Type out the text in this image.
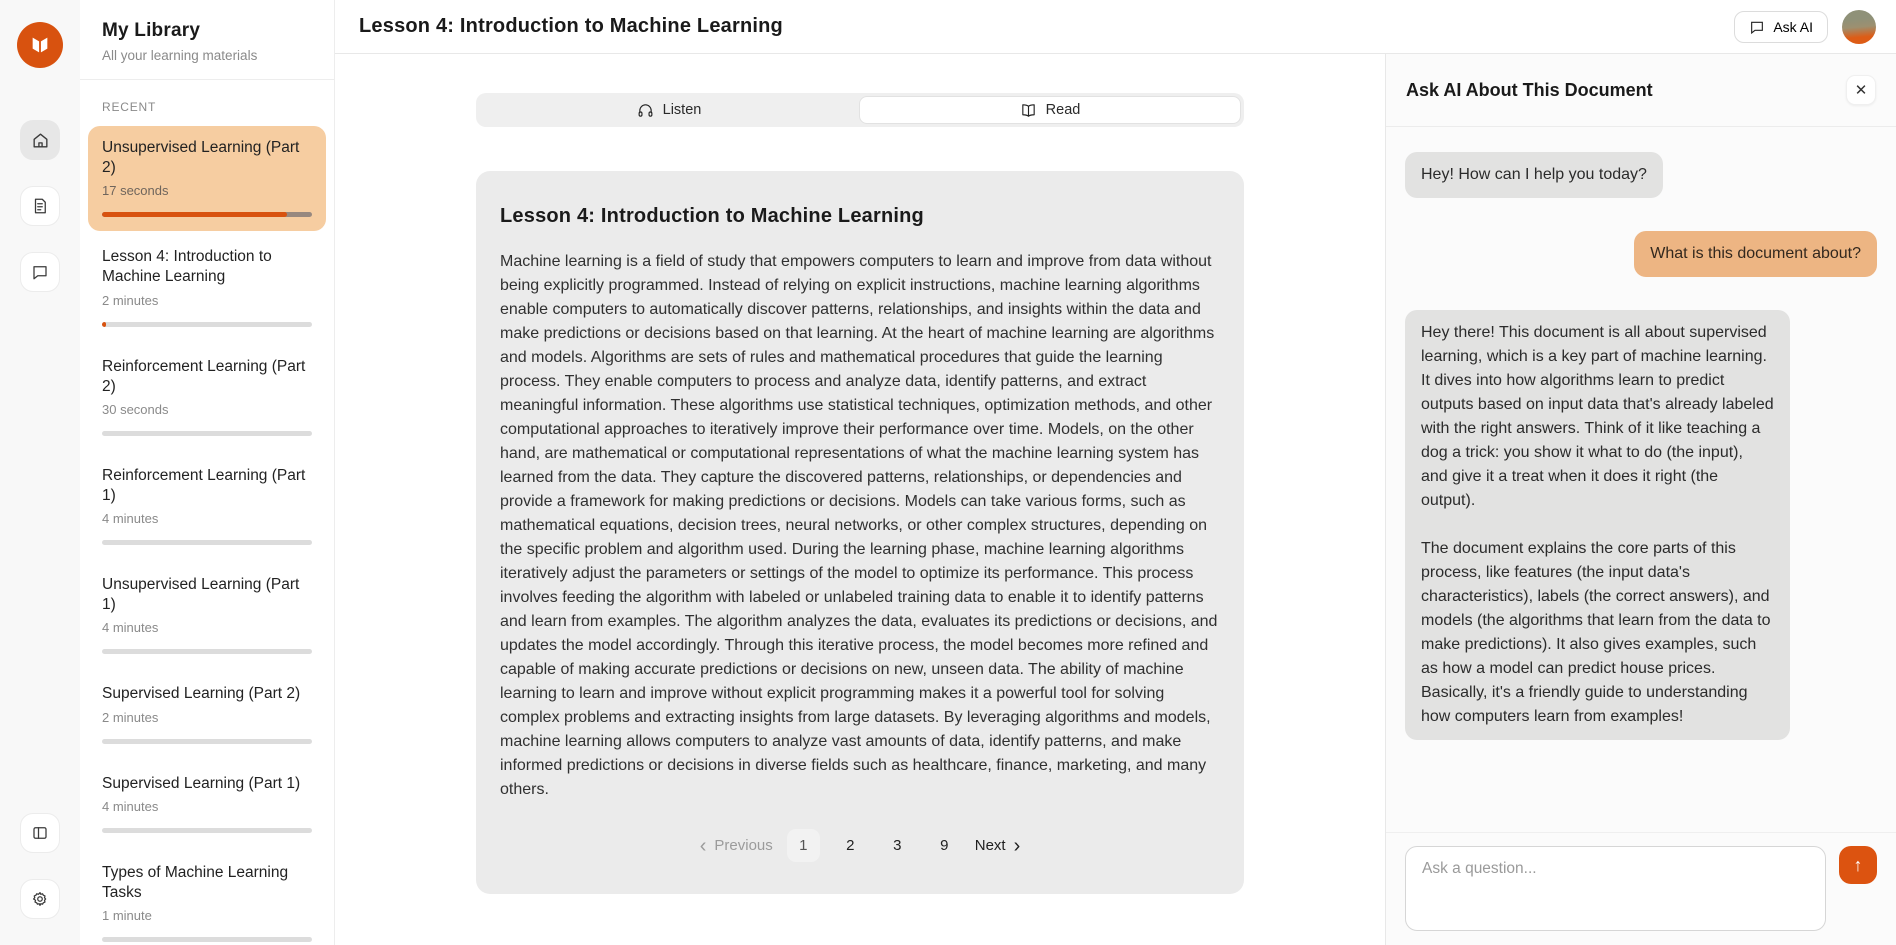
My Library
All your learning materials
RECENT
Unsupervised Learning (Part 2)
17 seconds
Lesson 4: Introduction to Machine Learning
2 minutes
Reinforcement Learning (Part 2)
30 seconds
Reinforcement Learning (Part 1)
4 minutes
Unsupervised Learning (Part 1)
4 minutes
Supervised Learning (Part 2)
2 minutes
Supervised Learning (Part 1)
4 minutes
Types of Machine Learning Tasks
1 minute
Lesson 4: Introduction to Machine Learning	Ask AI
Listen	Read
Lesson 4: Introduction to Machine Learning
Machine learning is a field of study that empowers computers to learn and improve from data without being explicitly programmed. Instead of relying on explicit instructions, machine learning algorithms enable computers to automatically discover patterns, relationships, and insights within the data and make predictions or decisions based on that learning. At the heart of machine learning are algorithms and models. Algorithms are sets of rules and mathematical procedures that guide the learning process. They enable computers to process and analyze data, identify patterns, and extract meaningful information. These algorithms use statistical techniques, optimization methods, and other computational approaches to iteratively improve their performance over time. Models, on the other hand, are mathematical or computational representations of what the machine learning system has learned from the data. They capture the discovered patterns, relationships, or dependencies and provide a framework for making predictions or decisions. Models can take various forms, such as mathematical equations, decision trees, neural networks, or other complex structures, depending on the specific problem and algorithm used. During the learning phase, machine learning algorithms iteratively adjust the parameters or settings of the model to optimize its performance. This process involves feeding the algorithm with labeled or unlabeled training data to enable it to identify patterns and learn from examples. The algorithm analyzes the data, evaluates its predictions or decisions, and updates the model accordingly. Through this iterative process, the model becomes more refined and capable of making accurate predictions or decisions on new, unseen data. The ability of machine learning to learn and improve without explicit programming makes it a powerful tool for solving complex problems and extracting insights from large datasets. By leveraging algorithms and models, machine learning allows computers to analyze vast amounts of data, identify patterns, and make informed predictions or decisions in diverse fields such as healthcare, finance, marketing, and many others.
‹ Previous	1	2	3	9	Next ›
Ask AI About This Document	✕
Hey! How can I help you today?
What is this document about?

Hey there! This document is all about supervised learning, which is a key part of machine learning. It dives into how algorithms learn to predict outputs based on input data that's already labeled with the right answers. Think of it like teaching a dog a trick: you show it what to do (the input), and give it a treat when it does it right (the output).

The document explains the core parts of this process, like features (the input data's characteristics), labels (the correct answers), and models (the algorithms that learn from the data to make predictions). It also gives examples, such as how a model can predict house prices. Basically, it's a friendly guide to understanding how computers learn from examples!

Ask a question...
↑
